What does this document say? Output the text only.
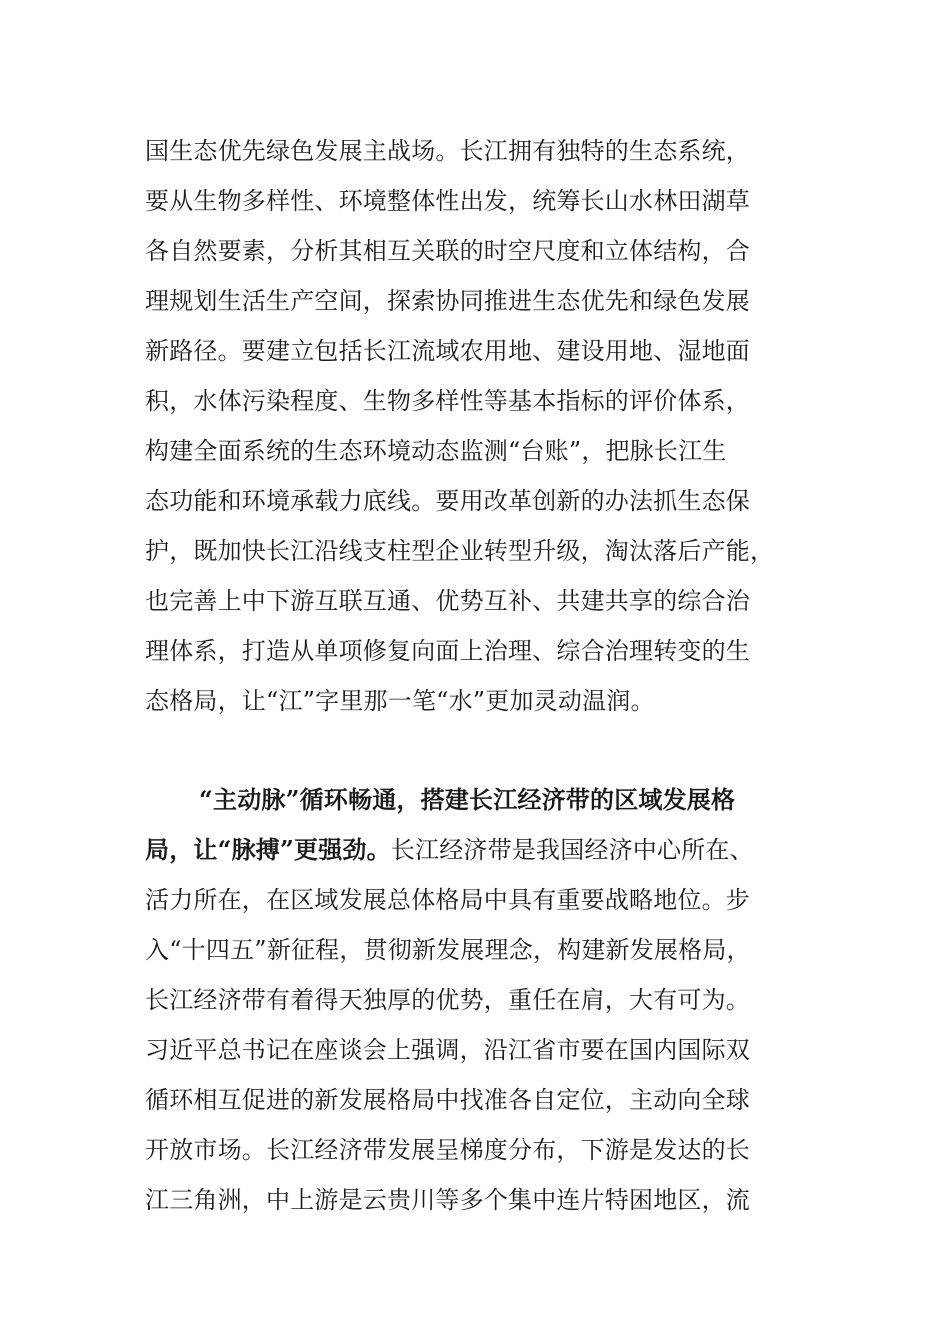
国生态优先绿色发展主战场。长江拥有独特的生态系统，
要从生物多样性、环境整体性出发，统筹长山水林田湖草
各自然要素，分析其相互关联的时空尺度和立体结构，合
理规划生活生产空间，探索协同推进生态优先和绿色发展
新路径。要建立包括长江流域农用地、建设用地、湿地面
积，水体污染程度、生物多样性等基本指标的评价体系，
构建全面系统的生态环境动态监测“台账”，把脉长江生
态功能和环境承载力底线。要用改革创新的办法抓生态保
护，既加快长江沿线支柱型企业转型升级，淘汰落后产能，
也完善上中下游互联互通、优势互补、共建共享的综合治
理体系，打造从单项修复向面上治理、综合治理转变的生
态格局，让“江”字里那一笔“水”更加灵动温润。
“主动脉”循环畅通，搭建长江经济带的区域发展格
局，让“脉搏”更强劲。长江经济带是我国经济中心所在、
活力所在，在区域发展总体格局中具有重要战略地位。步
入“十四五”新征程，贯彻新发展理念，构建新发展格局，
长江经济带有着得天独厚的优势，重任在肩，大有可为。
习近平总书记在座谈会上强调，沿江省市要在国内国际双
循环相互促进的新发展格局中找准各自定位，主动向全球
开放市场。长江经济带发展呈梯度分布，下游是发达的长
江三角洲，中上游是云贵川等多个集中连片特困地区，流
